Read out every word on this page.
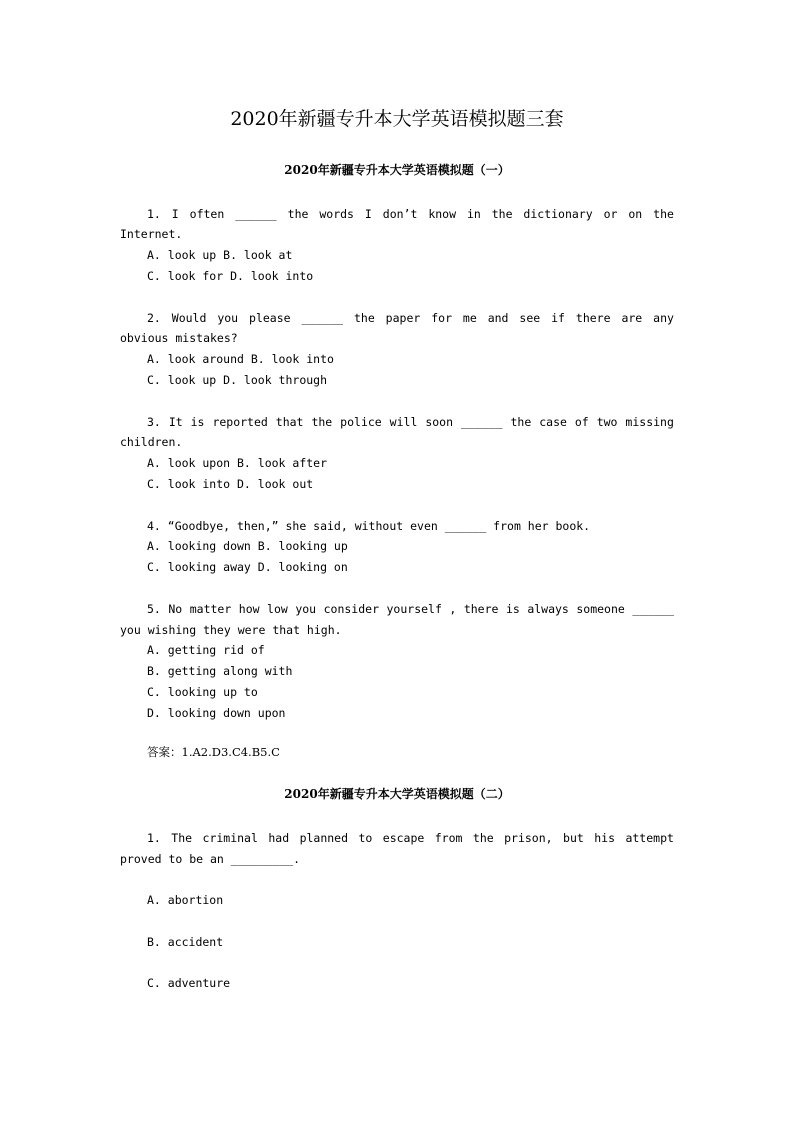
2020年新疆专升本大学英语模拟题三套
2020年新疆专升本大学英语模拟题（一）
1. I often ______ the words I don’t know in the dictionary or on the
Internet.
A. look up B. look at
C. look for D. look into
2. Would you please ______ the paper for me and see if there are any
obvious mistakes?
A. look around B. look into
C. look up D. look through
3. It is reported that the police will soon ______ the case of two missing
children.
A. look upon B. look after
C. look into D. look out
4. “Goodbye, then,” she said, without even ______ from her book.
A. looking down B. looking up
C. looking away D. looking on
5. No matter how low you consider yourself , there is always someone ______
you wishing they were that high.
A. getting rid of
B. getting along with
C. looking up to
D. looking down upon
答案：1.A2.D3.C4.B5.C
2020年新疆专升本大学英语模拟题（二）
1. The criminal had planned to escape from the prison, but his attempt
proved to be an _________.
A. abortion
B. accident
C. adventure
